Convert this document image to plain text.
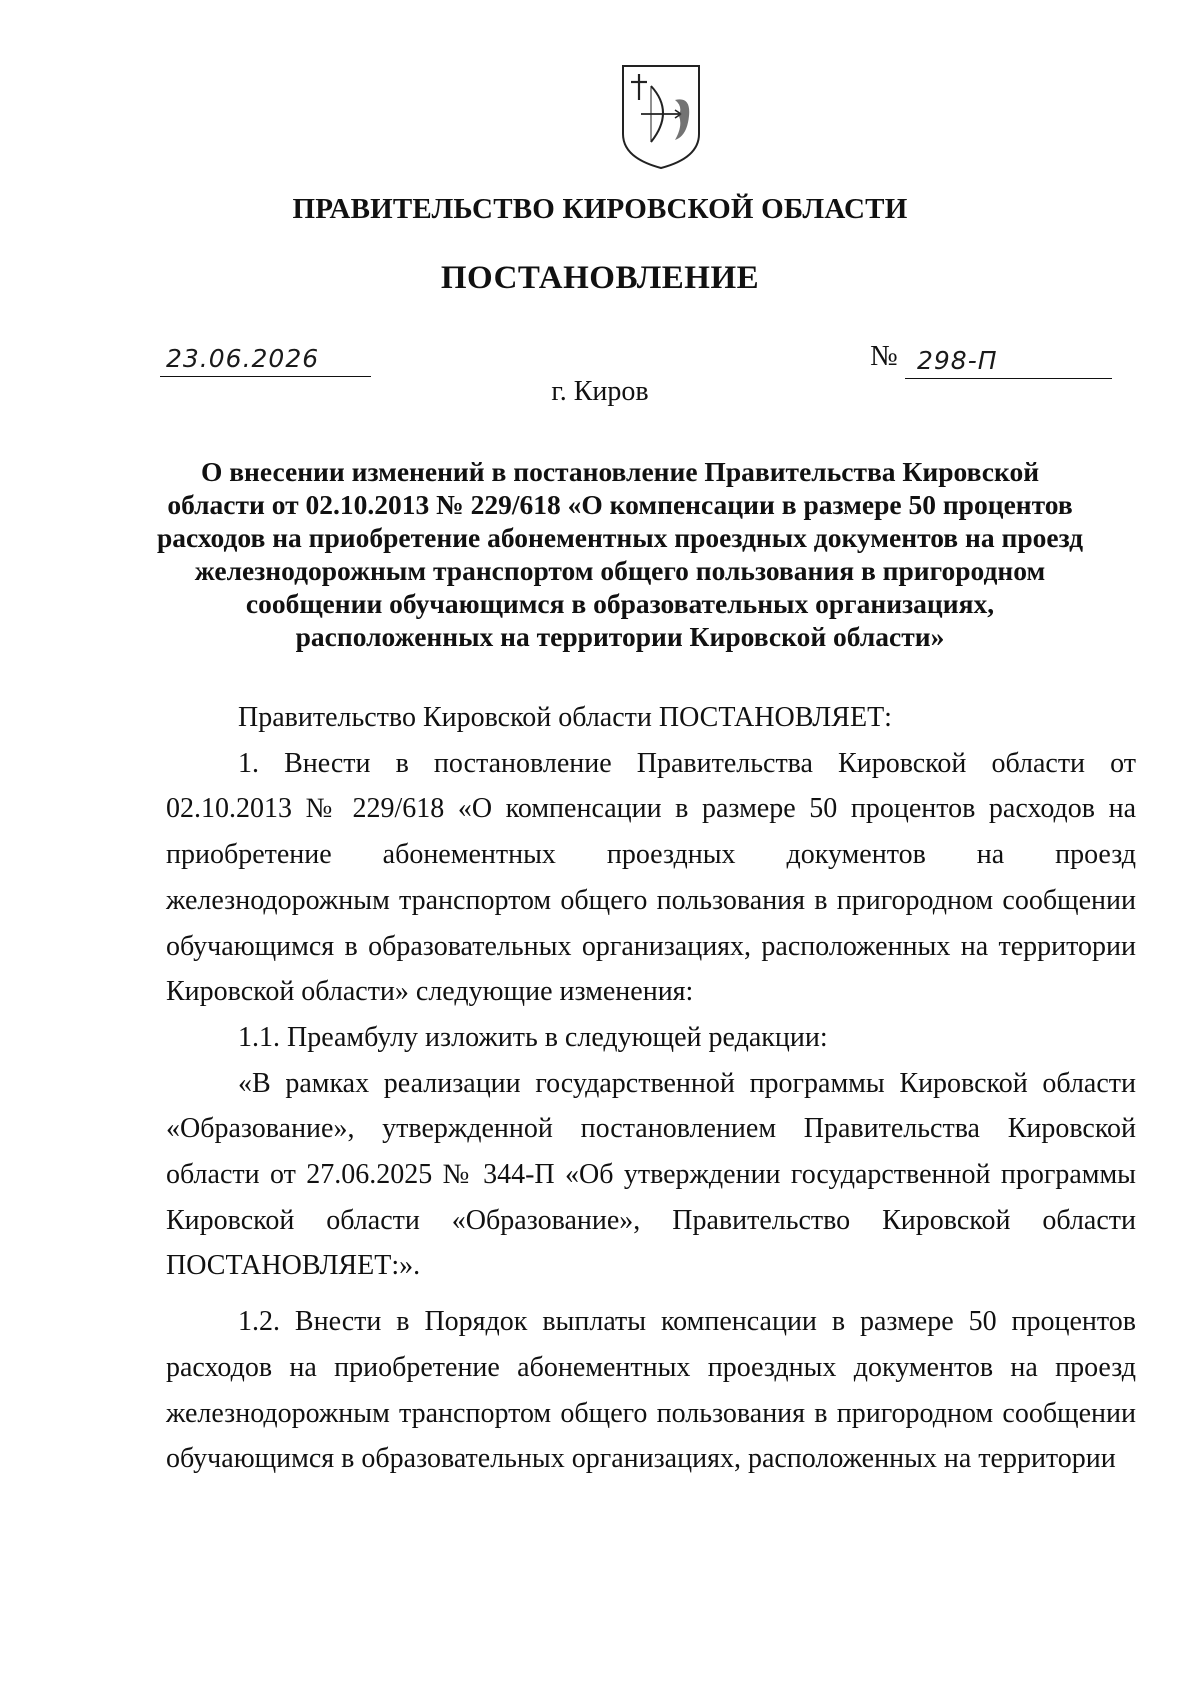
ПРАВИТЕЛЬСТВО КИРОВСКОЙ ОБЛАСТИ
ПОСТАНОВЛЕНИЕ
23.06.2026	№ 298-П
г. Киров
О внесении изменений в постановление Правительства Кировской области от 02.10.2013 № 229/618 «О компенсации в размере 50 процентов расходов на приобретение абонементных проездных документов на проезд железнодорожным транспортом общего пользования в пригородном сообщении обучающимся в образовательных организациях, расположенных на территории Кировской области»

Правительство Кировской области ПОСТАНОВЛЯЕТ:

1. Внести в постановление Правительства Кировской области от 02.10.2013 № 229/618 «О компенсации в размере 50 процентов расходов на приобретение абонементных проездных документов на проезд железнодорожным транспортом общего пользования в пригородном сообщении обучающимся в образовательных организациях, расположенных на территории Кировской области» следующие изменения:

1.1. Преамбулу изложить в следующей редакции:

«В рамках реализации государственной программы Кировской области «Образование», утвержденной постановлением Правительства Кировской области от 27.06.2025 № 344-П «Об утверждении государственной программы Кировской области «Образование», Правительство Кировской области ПОСТАНОВЛЯЕТ:».

1.2. Внести в Порядок выплаты компенсации в размере 50 процентов расходов на приобретение абонементных проездных документов на проезд железнодорожным транспортом общего пользования в пригородном сообщении обучающимся в образовательных организациях, расположенных на территории
